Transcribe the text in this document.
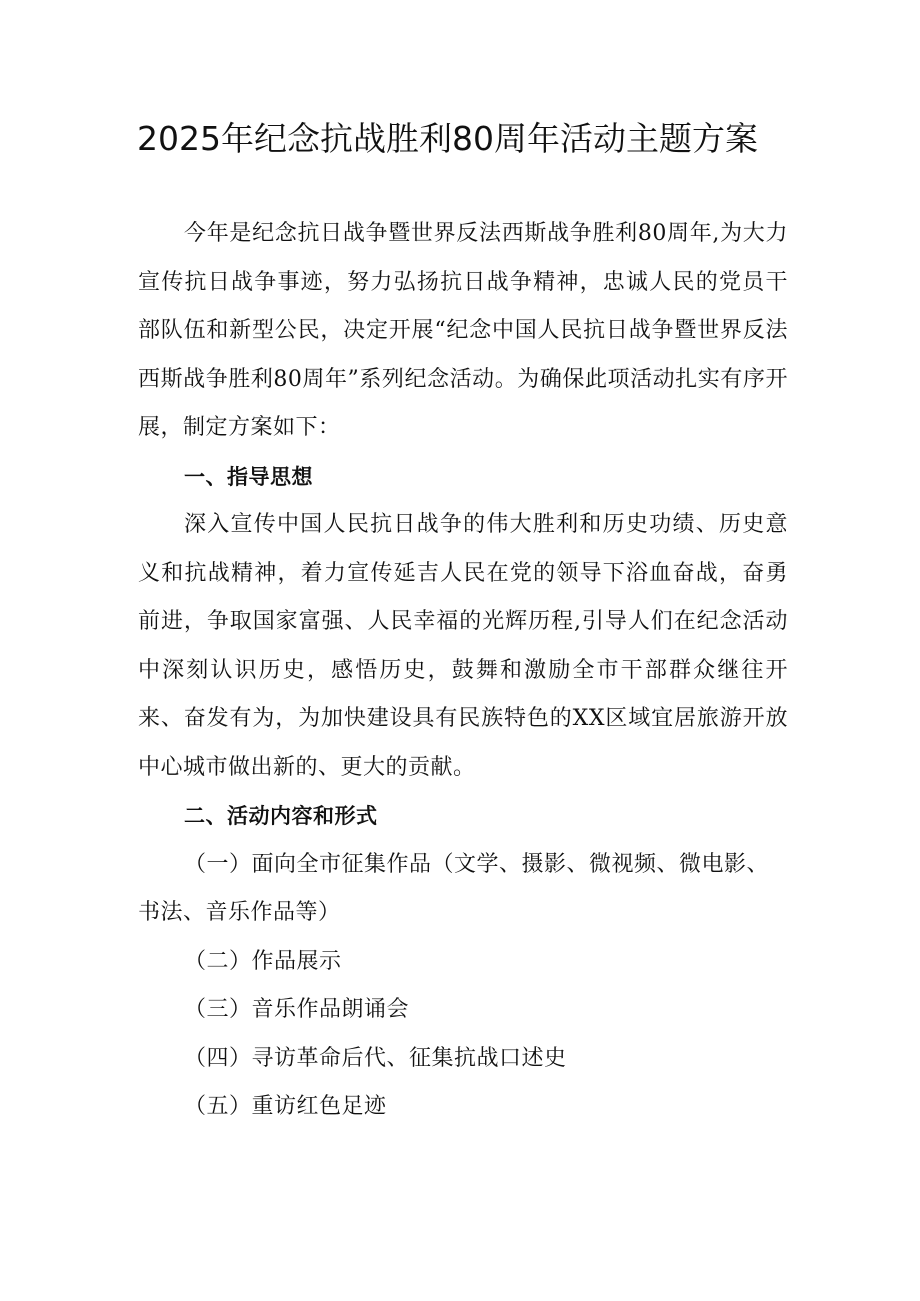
2025年纪念抗战胜利80周年活动主题方案

今年是纪念抗日战争暨世界反法西斯战争胜利80周年,为大力宣传抗日战争事迹，努力弘扬抗日战争精神，忠诚人民的党员干部队伍和新型公民，决定开展“纪念中国人民抗日战争暨世界反法西斯战争胜利80周年”系列纪念活动。为确保此项活动扎实有序开展，制定方案如下：

一、指导思想

深入宣传中国人民抗日战争的伟大胜利和历史功绩、历史意义和抗战精神，着力宣传延吉人民在党的领导下浴血奋战，奋勇前进，争取国家富强、人民幸福的光辉历程,引导人们在纪念活动中深刻认识历史，感悟历史，鼓舞和激励全市干部群众继往开来、奋发有为，为加快建设具有民族特色的XX区域宜居旅游开放中心城市做出新的、更大的贡献。

二、活动内容和形式

（一）面向全市征集作品（文学、摄影、微视频、微电影、书法、音乐作品等）

（二）作品展示

（三）音乐作品朗诵会

（四）寻访革命后代、征集抗战口述史

（五）重访红色足迹
